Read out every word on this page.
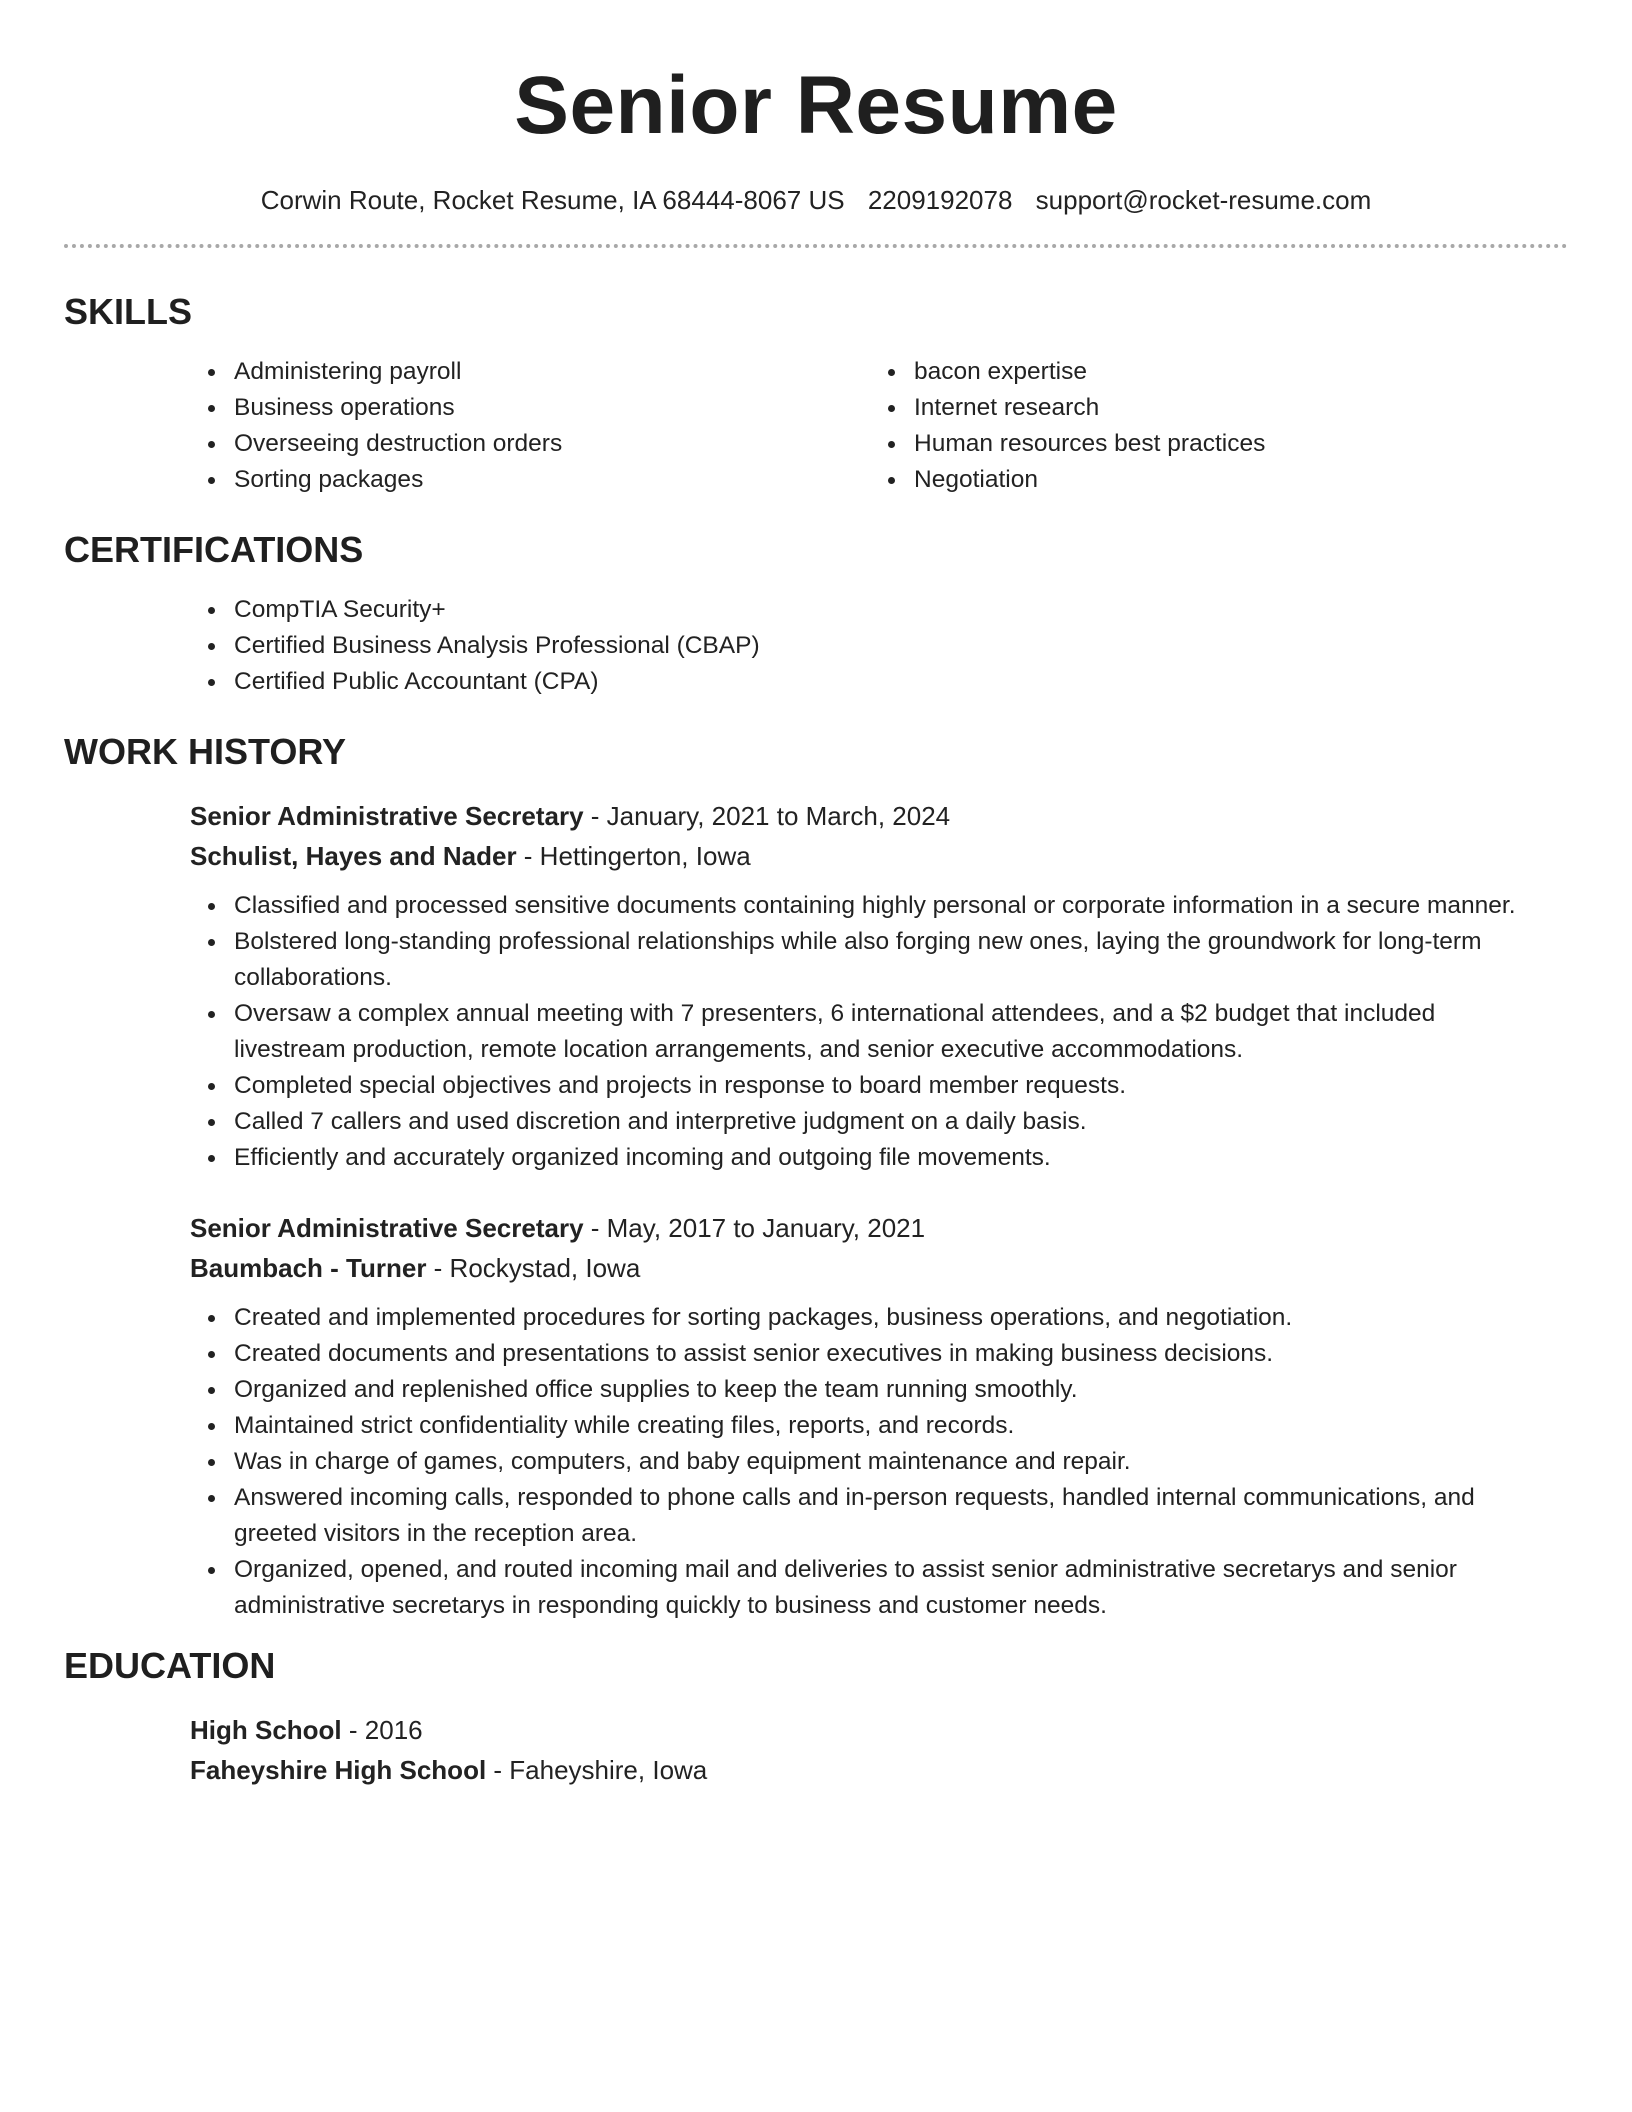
Senior Resume
Corwin Route, Rocket Resume, IA 68444-8067 US 2209192078 support@rocket-resume.com
SKILLS
Administering payroll
Business operations
Overseeing destruction orders
Sorting packages
bacon expertise
Internet research
Human resources best practices
Negotiation
CERTIFICATIONS
CompTIA Security+
Certified Business Analysis Professional (CBAP)
Certified Public Accountant (CPA)
WORK HISTORY
Senior Administrative Secretary - January, 2021 to March, 2024
Schulist, Hayes and Nader - Hettingerton, Iowa
Classified and processed sensitive documents containing highly personal or corporate information in a secure manner.
Bolstered long-standing professional relationships while also forging new ones, laying the groundwork for long-term collaborations.
Oversaw a complex annual meeting with 7 presenters, 6 international attendees, and a $2 budget that included livestream production, remote location arrangements, and senior executive accommodations.
Completed special objectives and projects in response to board member requests.
Called 7 callers and used discretion and interpretive judgment on a daily basis.
Efficiently and accurately organized incoming and outgoing file movements.
Senior Administrative Secretary - May, 2017 to January, 2021
Baumbach - Turner - Rockystad, Iowa
Created and implemented procedures for sorting packages, business operations, and negotiation.
Created documents and presentations to assist senior executives in making business decisions.
Organized and replenished office supplies to keep the team running smoothly.
Maintained strict confidentiality while creating files, reports, and records.
Was in charge of games, computers, and baby equipment maintenance and repair.
Answered incoming calls, responded to phone calls and in-person requests, handled internal communications, and greeted visitors in the reception area.
Organized, opened, and routed incoming mail and deliveries to assist senior administrative secretarys and senior administrative secretarys in responding quickly to business and customer needs.
EDUCATION
High School - 2016
Faheyshire High School - Faheyshire, Iowa
